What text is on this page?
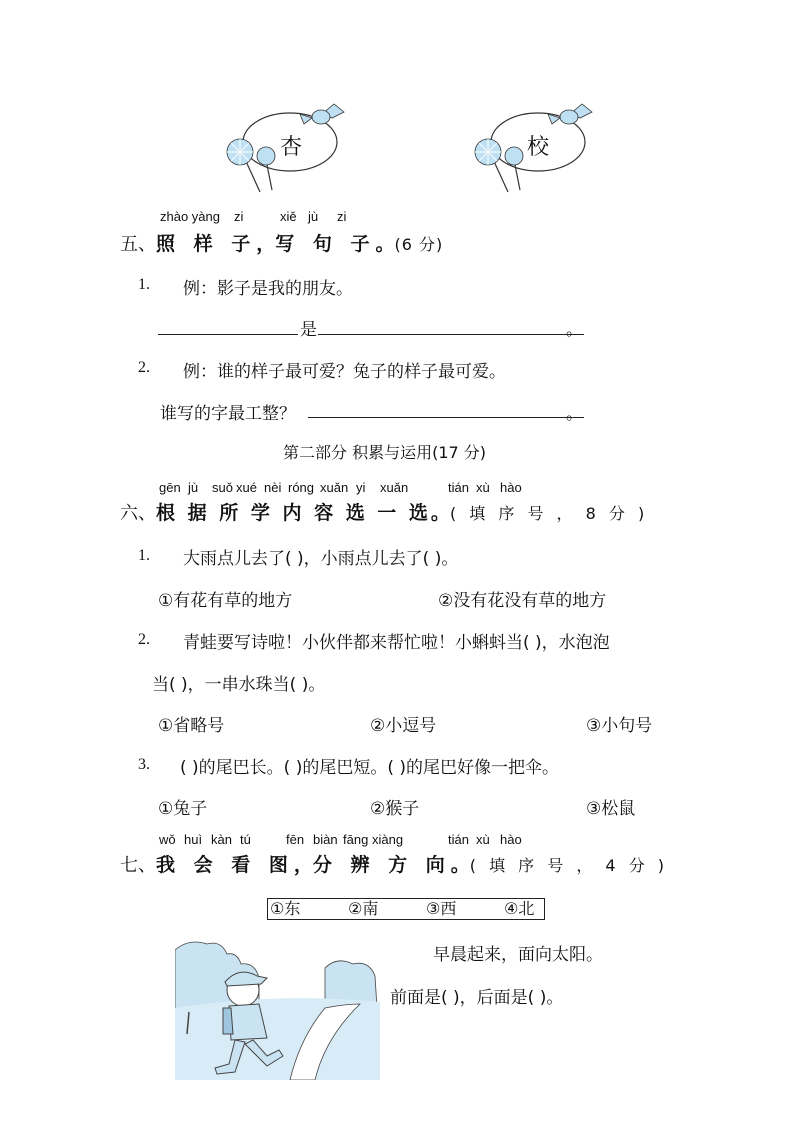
杏	校
zhào yàng zi	xiě jù zi
五、照 样 子，写 句 子。(6 分)
1. 例：影子是我的朋友。
是	。
2. 例：谁的样子最可爱？兔子的样子最可爱。
谁写的字最工整？	。
第二部分 积累与运用(17 分)
gēn jù suǒ xué nèi róng xuǎn yi xuǎn	tián xù hào
六、根 据 所 学 内 容 选 一 选。( 填 序 号 ， 8 分 )
1. 大雨点儿去了( )，小雨点儿去了( )。
①有花有草的地方	②没有花没有草的地方
2. 青蛙要写诗啦！小伙伴都来帮忙啦！小蝌蚪当( )，水泡泡
当( )，一串水珠当( )。
①省略号	②小逗号	③小句号
3. ( )的尾巴长。( )的尾巴短。( )的尾巴好像一把伞。
①兔子	②猴子	③松鼠
wǒ huì kàn tú	fēn biàn fāng xiàng	tián xù hào
七、我 会 看 图，分 辨 方 向。( 填 序 号 ， 4 分 )
①东	②南	③西	④北
早晨起来，面向太阳。
前面是( )，后面是( )。
